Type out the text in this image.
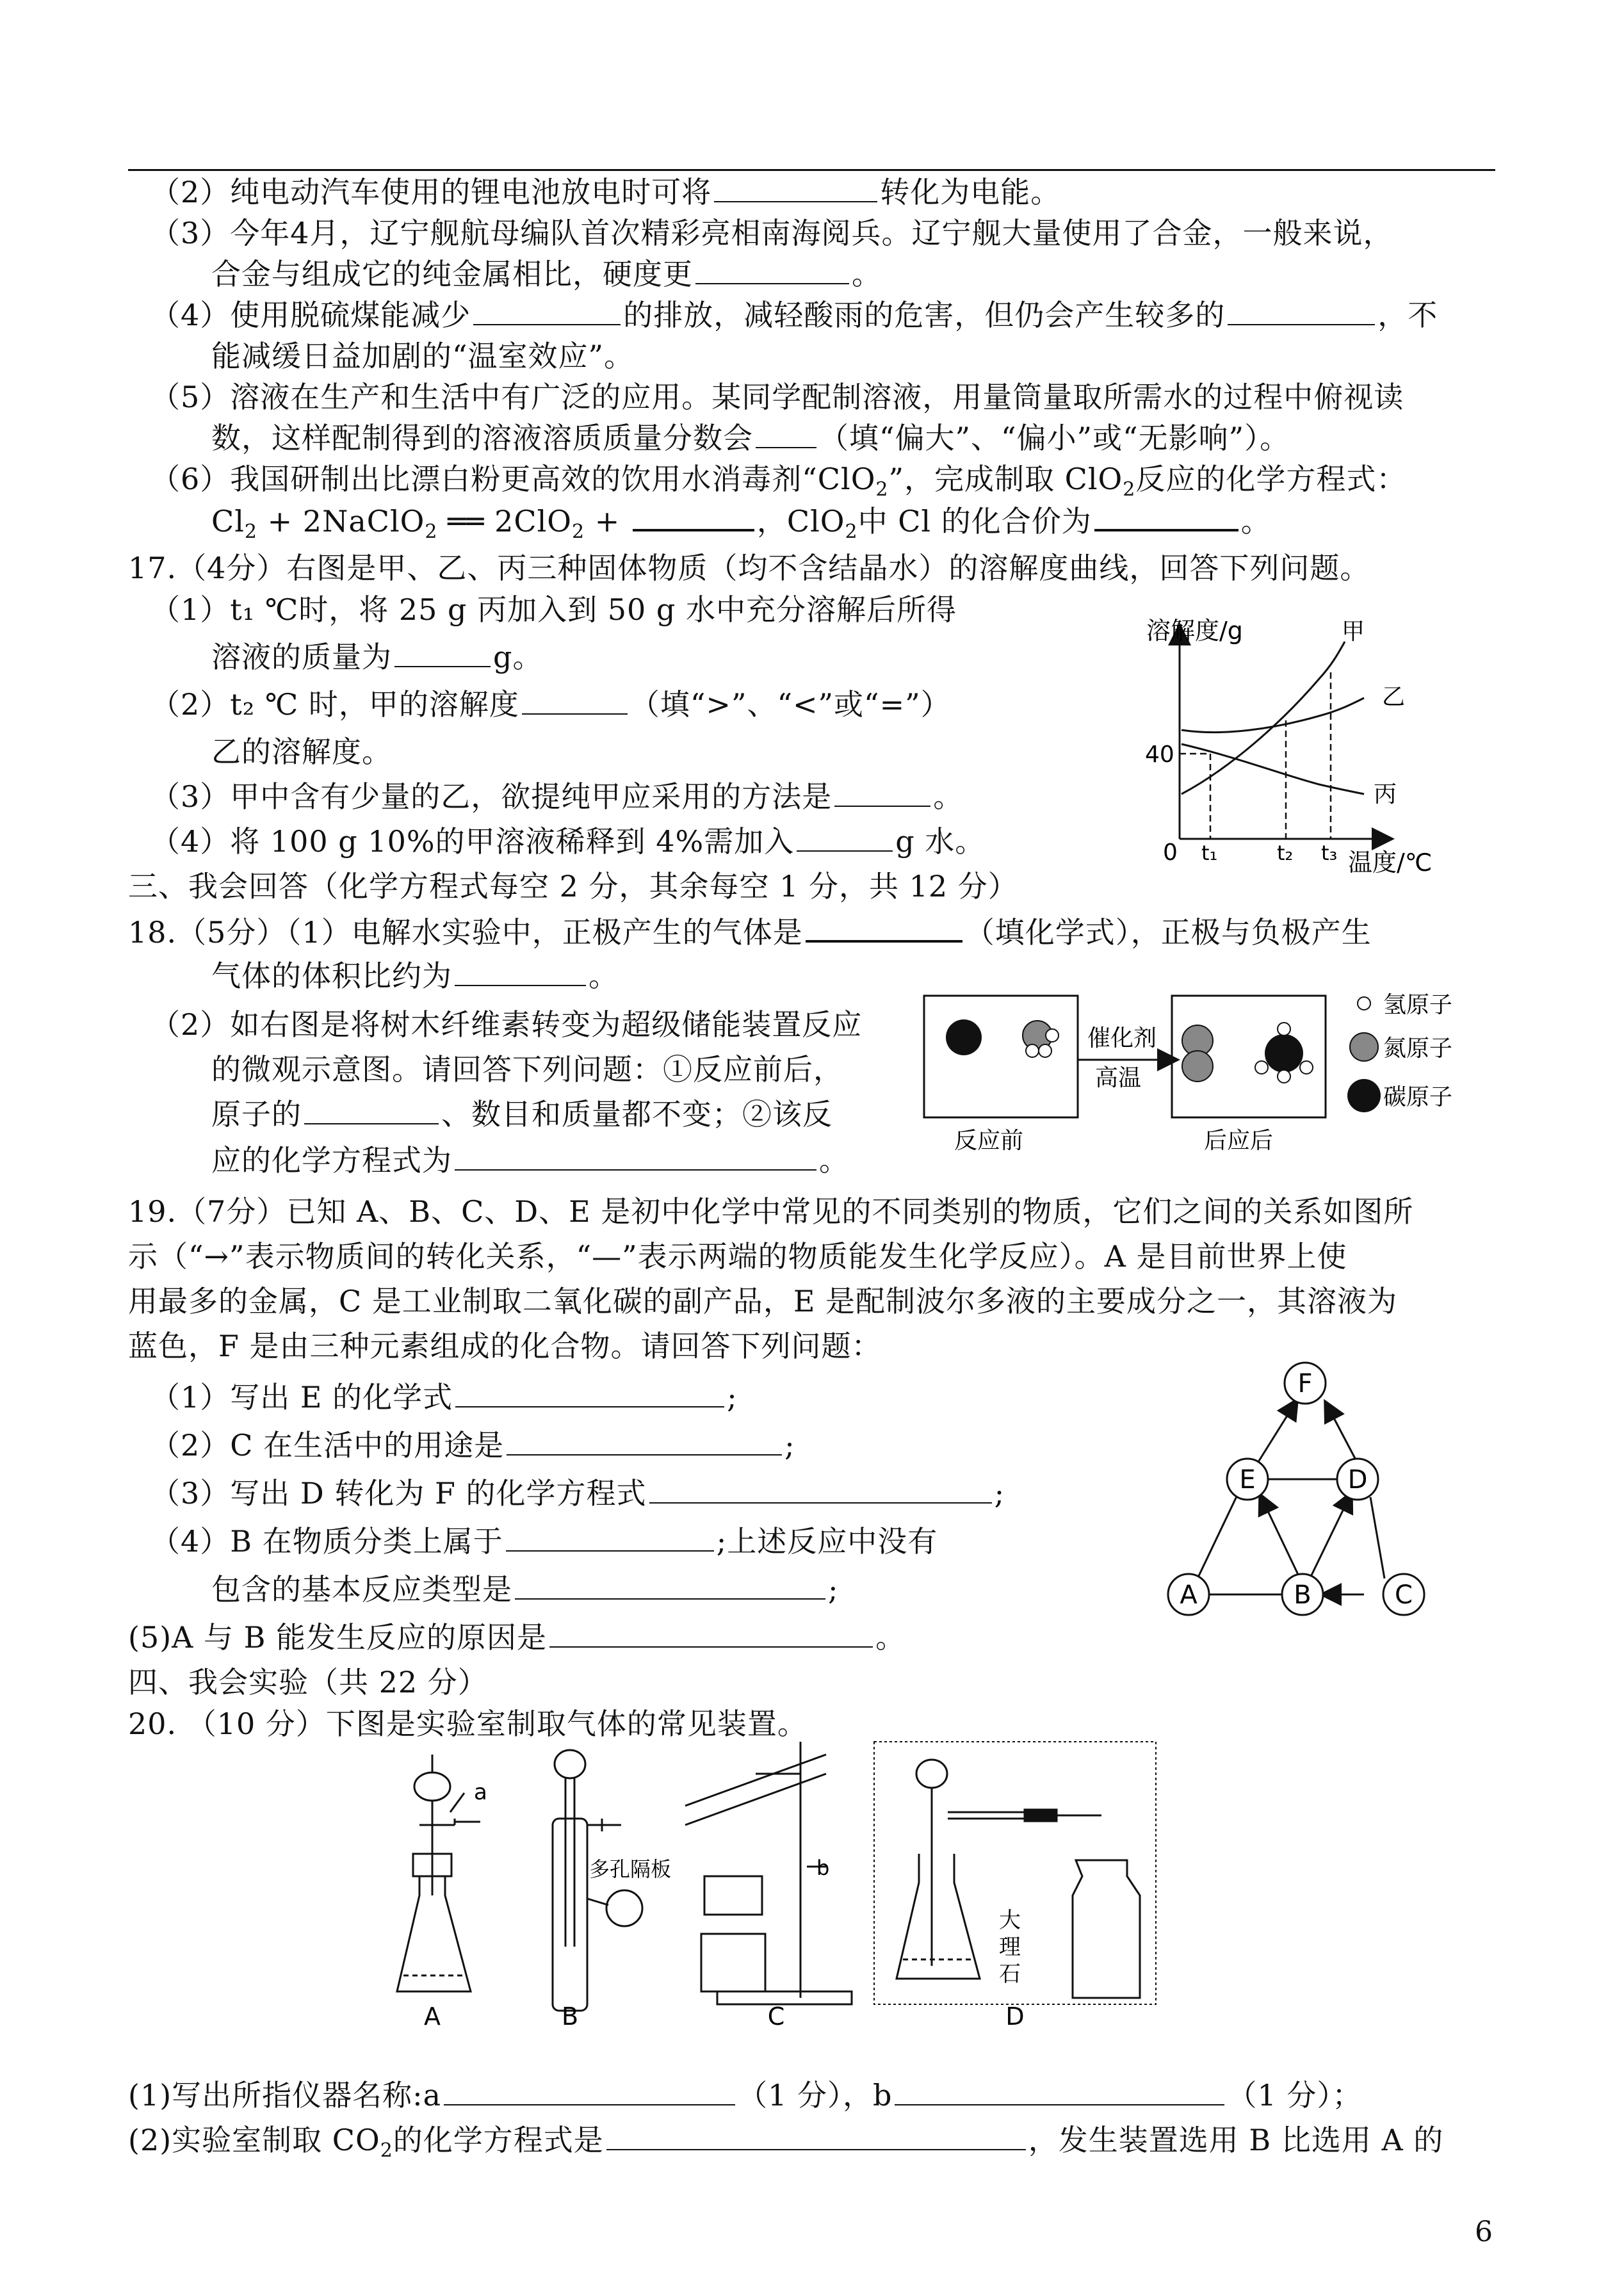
（2）纯电动汽车使用的锂电池放电时可将	转化为电能。
（3）今年4月，辽宁舰航母编队首次精彩亮相南海阅兵。辽宁舰大量使用了合金，一般来说，
合金与组成它的纯金属相比，硬度更	。
（4）使用脱硫煤能减少	的排放，减轻酸雨的危害，但仍会产生较多的	，不
能减缓日益加剧的“温室效应”。
（5）溶液在生产和生活中有广泛的应用。某同学配制溶液，用量筒量取所需水的过程中俯视读
数，这样配制得到的溶液溶质质量分数会 （填“偏大”、“偏小”或“无影响”）。
（6）我国研制出比漂白粉更高效的饮用水消毒剂“ClO$_2$”，完成制取 ClO$_2$反应的化学方程式：
$Cl_2$ + 2NaClO$_2$ ══ 2ClO$_2$ +	，ClO$_2$中 Cl 的化合价为	。
17.（4分）右图是甲、乙、丙三种固体物质（均不含结晶水）的溶解度曲线，回答下列问题。
（1）t₁ ℃时，将 25 g 丙加入到 50 g 水中充分溶解后所得
溶液的质量为	g。
（2）t₂ ℃ 时，甲的溶解度	（填“>”、“<”或“=”）
乙的溶解度。
（3）甲中含有少量的乙，欲提纯甲应采用的方法是	。
（4）将 100 g 10%的甲溶液稀释到 4%需加入	g 水。
溶解度/g
温度/℃
0
40
甲
乙
丙
t₁	t₂ t₃
三、我会回答（化学方程式每空 2 分，其余每空 1 分，共 12 分）
18.（5分）（1）电解水实验中，正极产生的气体是	（填化学式），正极与负极产生
气体的体积比约为	。
（2）如右图是将树木纤维素转变为超级储能装置反应
的微观示意图。请回答下列问题：①反应前后，
原子的	、数目和质量都不变；②该反
应的化学方程式为	。
催化剂
高温
反应前	后应后
氢原子
氮原子
碳原子
19.（7分）已知 A、B、C、D、E 是初中化学中常见的不同类别的物质，它们之间的关系如图所
示（“→”表示物质间的转化关系，“—”表示两端的物质能发生化学反应）。A 是目前世界上使
用最多的金属，C 是工业制取二氧化碳的副产品，E 是配制波尔多液的主要成分之一，其溶液为
蓝色，F 是由三种元素组成的化合物。请回答下列问题：
（1）写出 E 的化学式	;
（2）C 在生活中的用途是	;
（3）写出 D 转化为 F 的化学方程式	;
（4）B 在物质分类上属于	;上述反应中没有
包含的基本反应类型是	;
(5)A 与 B 能发生反应的原因是	。
F
E	D
A	B	C
四、我会实验（共 22 分）
20. （10 分）下图是实验室制取气体的常见装置。
a
多孔隔板	b
大
理
石
A	B	C	D
(1)写出所指仪器名称:a	（1 分），b	（1 分）；
(2)实验室制取 $CO_2$的化学方程式是	，发生装置选用 B 比选用 A 的
6
